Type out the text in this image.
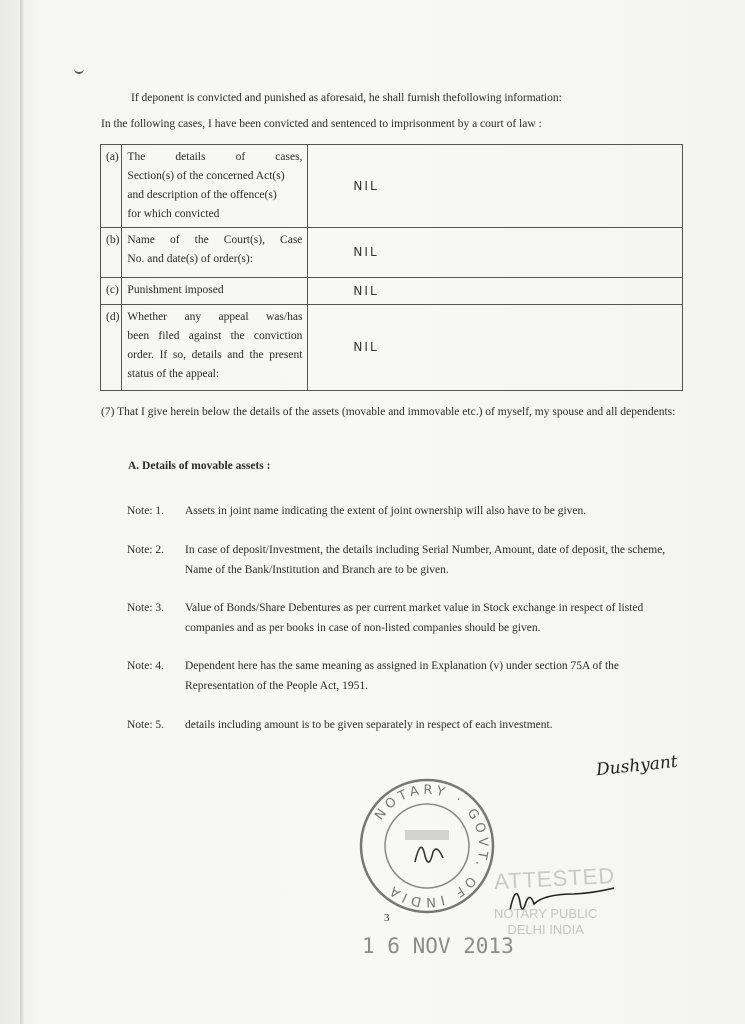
If deponent is convicted and punished as aforesaid, he shall furnish thefollowing information:
In the following cases, I have been convicted and sentenced to imprisonment by a court of law :
(a)	The details of cases,
Section(s) of the concerned Act(s)
and description of the offence(s)
for which convicted	NIL
(b)	Name of the Court(s), Case
No. and date(s) of order(s):	NIL
(c)	Punishment imposed	NIL
(d)	Whether any appeal was/has
been filed against the conviction
order. If so, details and the present
status of the appeal:	NIL
(7) That I give herein below the details of the assets (movable and immovable etc.) of myself, my spouse and all dependents:
A. Details of movable assets :
Note: 1.	Assets in joint name indicating the extent of joint ownership will also have to be given.
Note: 2.	In case of deposit/Investment, the details including Serial Number, Amount, date of deposit, the scheme, Name of the Bank/Institution and Branch are to be given.
Note: 3.	Value of Bonds/Share Debentures as per current market value in Stock exchange in respect of listed companies and as per books in case of non-listed companies should be given.
Note: 4.	Dependent here has the same meaning as assigned in Explanation (v) under section 75A of the Representation of the People Act, 1951.
Note: 5.	details including amount is to be given separately in respect of each investment.
Dushyant
NOTARY · GOVT. OF INDIA	ATTESTED
NOTARY PUBLIC
DELHI INDIA
3
1 6 NOV 2013
